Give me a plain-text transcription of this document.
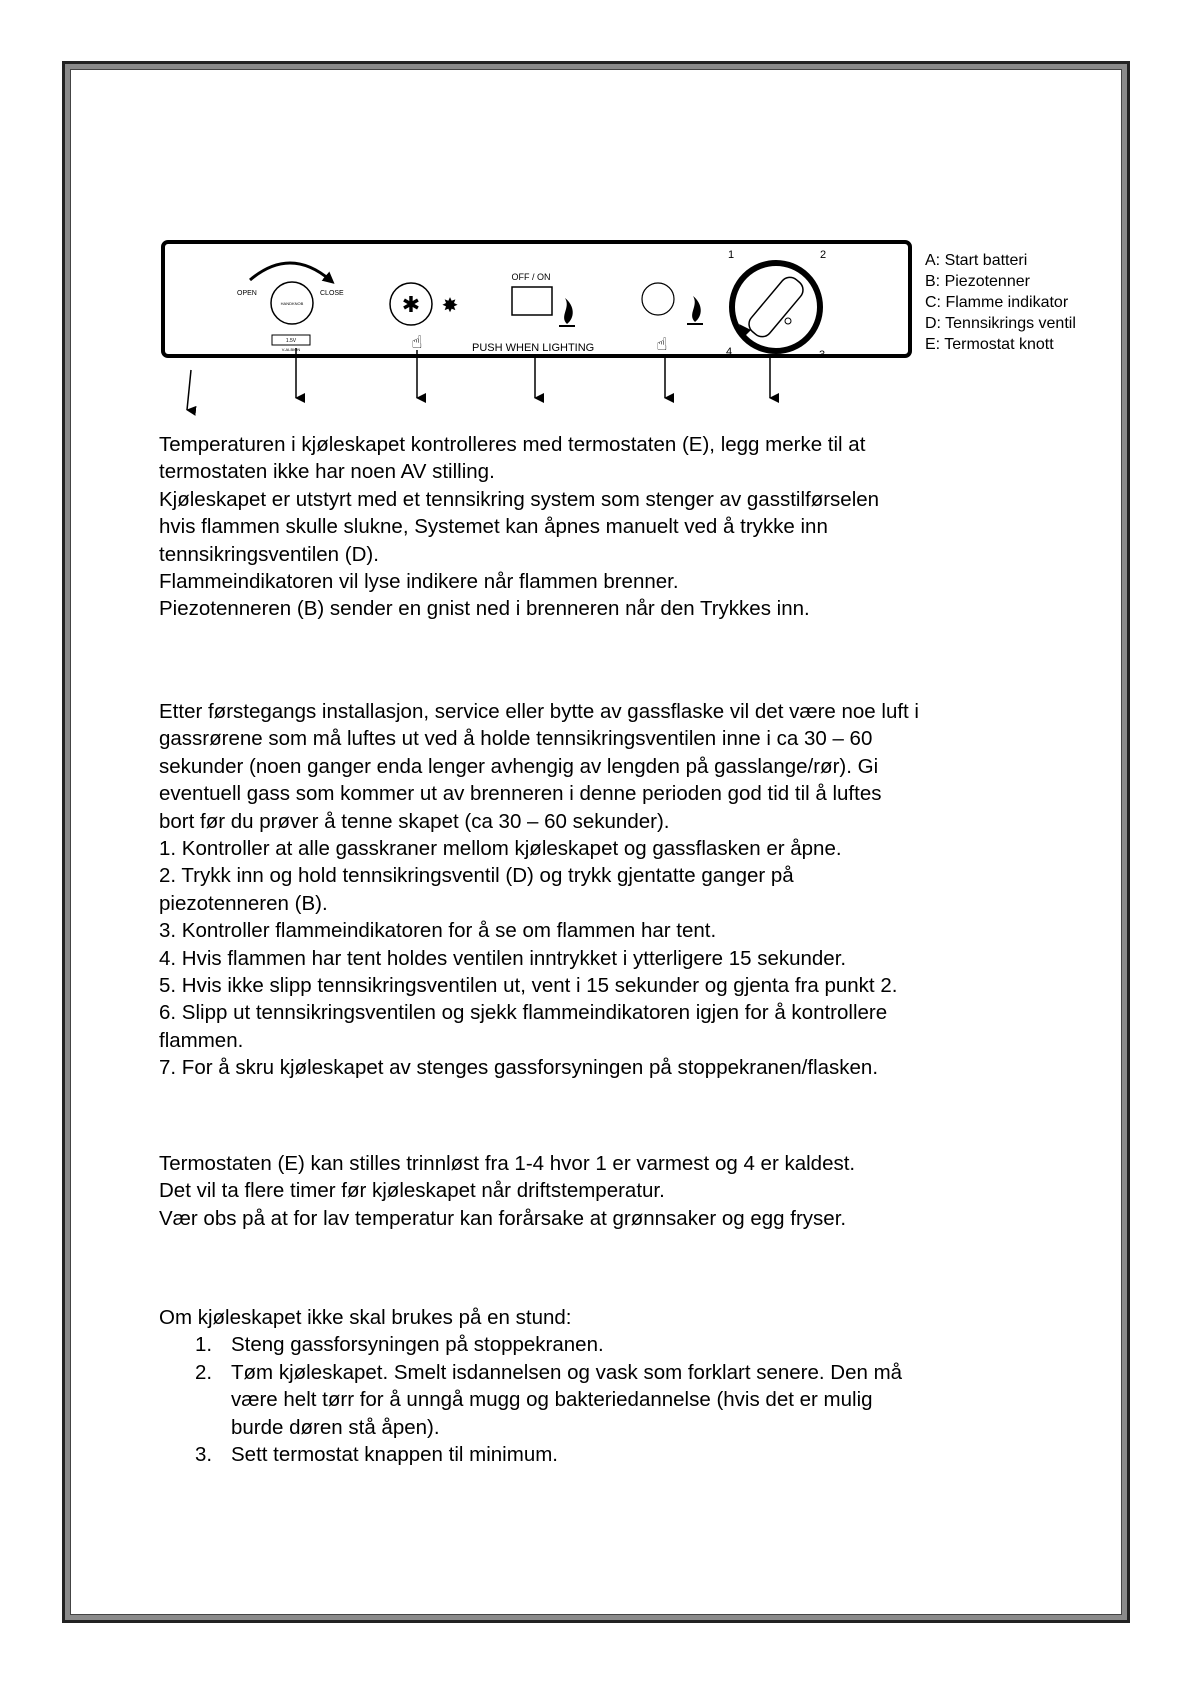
OPEN	CLOSE
HANDKNOB
1.5V
V-ALBION
✱ ✸
☝
OFF / ON
PUSH WHEN LIGHTING	☝
1	2
3
4
A: Start batteri
B: Piezotenner
C: Flamme indikator
D: Tennsikrings ventil
E: Termostat knott

Temperaturen i kjøleskapet kontrolleres med termostaten (E), legg merke til at

termostaten ikke har noen AV stilling.

Kjøleskapet er utstyrt med et tennsikring system som stenger av gasstilførselen

hvis flammen skulle slukne, Systemet kan åpnes manuelt ved å trykke inn

tennsikringsventilen (D).

Flammeindikatoren vil lyse indikere når flammen brenner.

Piezotenneren (B) sender en gnist ned i brenneren når den Trykkes inn.

Etter førstegangs installasjon, service eller bytte av gassflaske vil det være noe luft i

gassrørene som må luftes ut ved å holde tennsikringsventilen inne i ca 30 – 60

sekunder (noen ganger enda lenger avhengig av lengden på gasslange/rør). Gi

eventuell gass som kommer ut av brenneren i denne perioden god tid til å luftes

bort før du prøver å tenne skapet (ca 30 – 60 sekunder).

1. Kontroller at alle gasskraner mellom kjøleskapet og gassflasken er åpne.

2. Trykk inn og hold tennsikringsventil (D) og trykk gjentatte ganger på

piezotenneren (B).

3. Kontroller flammeindikatoren for å se om flammen har tent.

4. Hvis flammen har tent holdes ventilen inntrykket i ytterligere 15 sekunder.

5. Hvis ikke slipp tennsikringsventilen ut, vent i 15 sekunder og gjenta fra punkt 2.

6. Slipp ut tennsikringsventilen og sjekk flammeindikatoren igjen for å kontrollere

flammen.

7. For å skru kjøleskapet av stenges gassforsyningen på stoppekranen/flasken.

Termostaten (E) kan stilles trinnløst fra 1-4 hvor 1 er varmest og 4 er kaldest.

Det vil ta flere timer før kjøleskapet når driftstemperatur.

Vær obs på at for lav temperatur kan forårsake at grønnsaker og egg fryser.

Om kjøleskapet ikke skal brukes på en stund:

1. Steng gassforsyningen på stoppekranen.
2. Tøm kjøleskapet. Smelt isdannelsen og vask som forklart senere. Den må
være helt tørr for å unngå mugg og bakteriedannelse (hvis det er mulig
burde døren stå åpen).
3. Sett termostat knappen til minimum.
